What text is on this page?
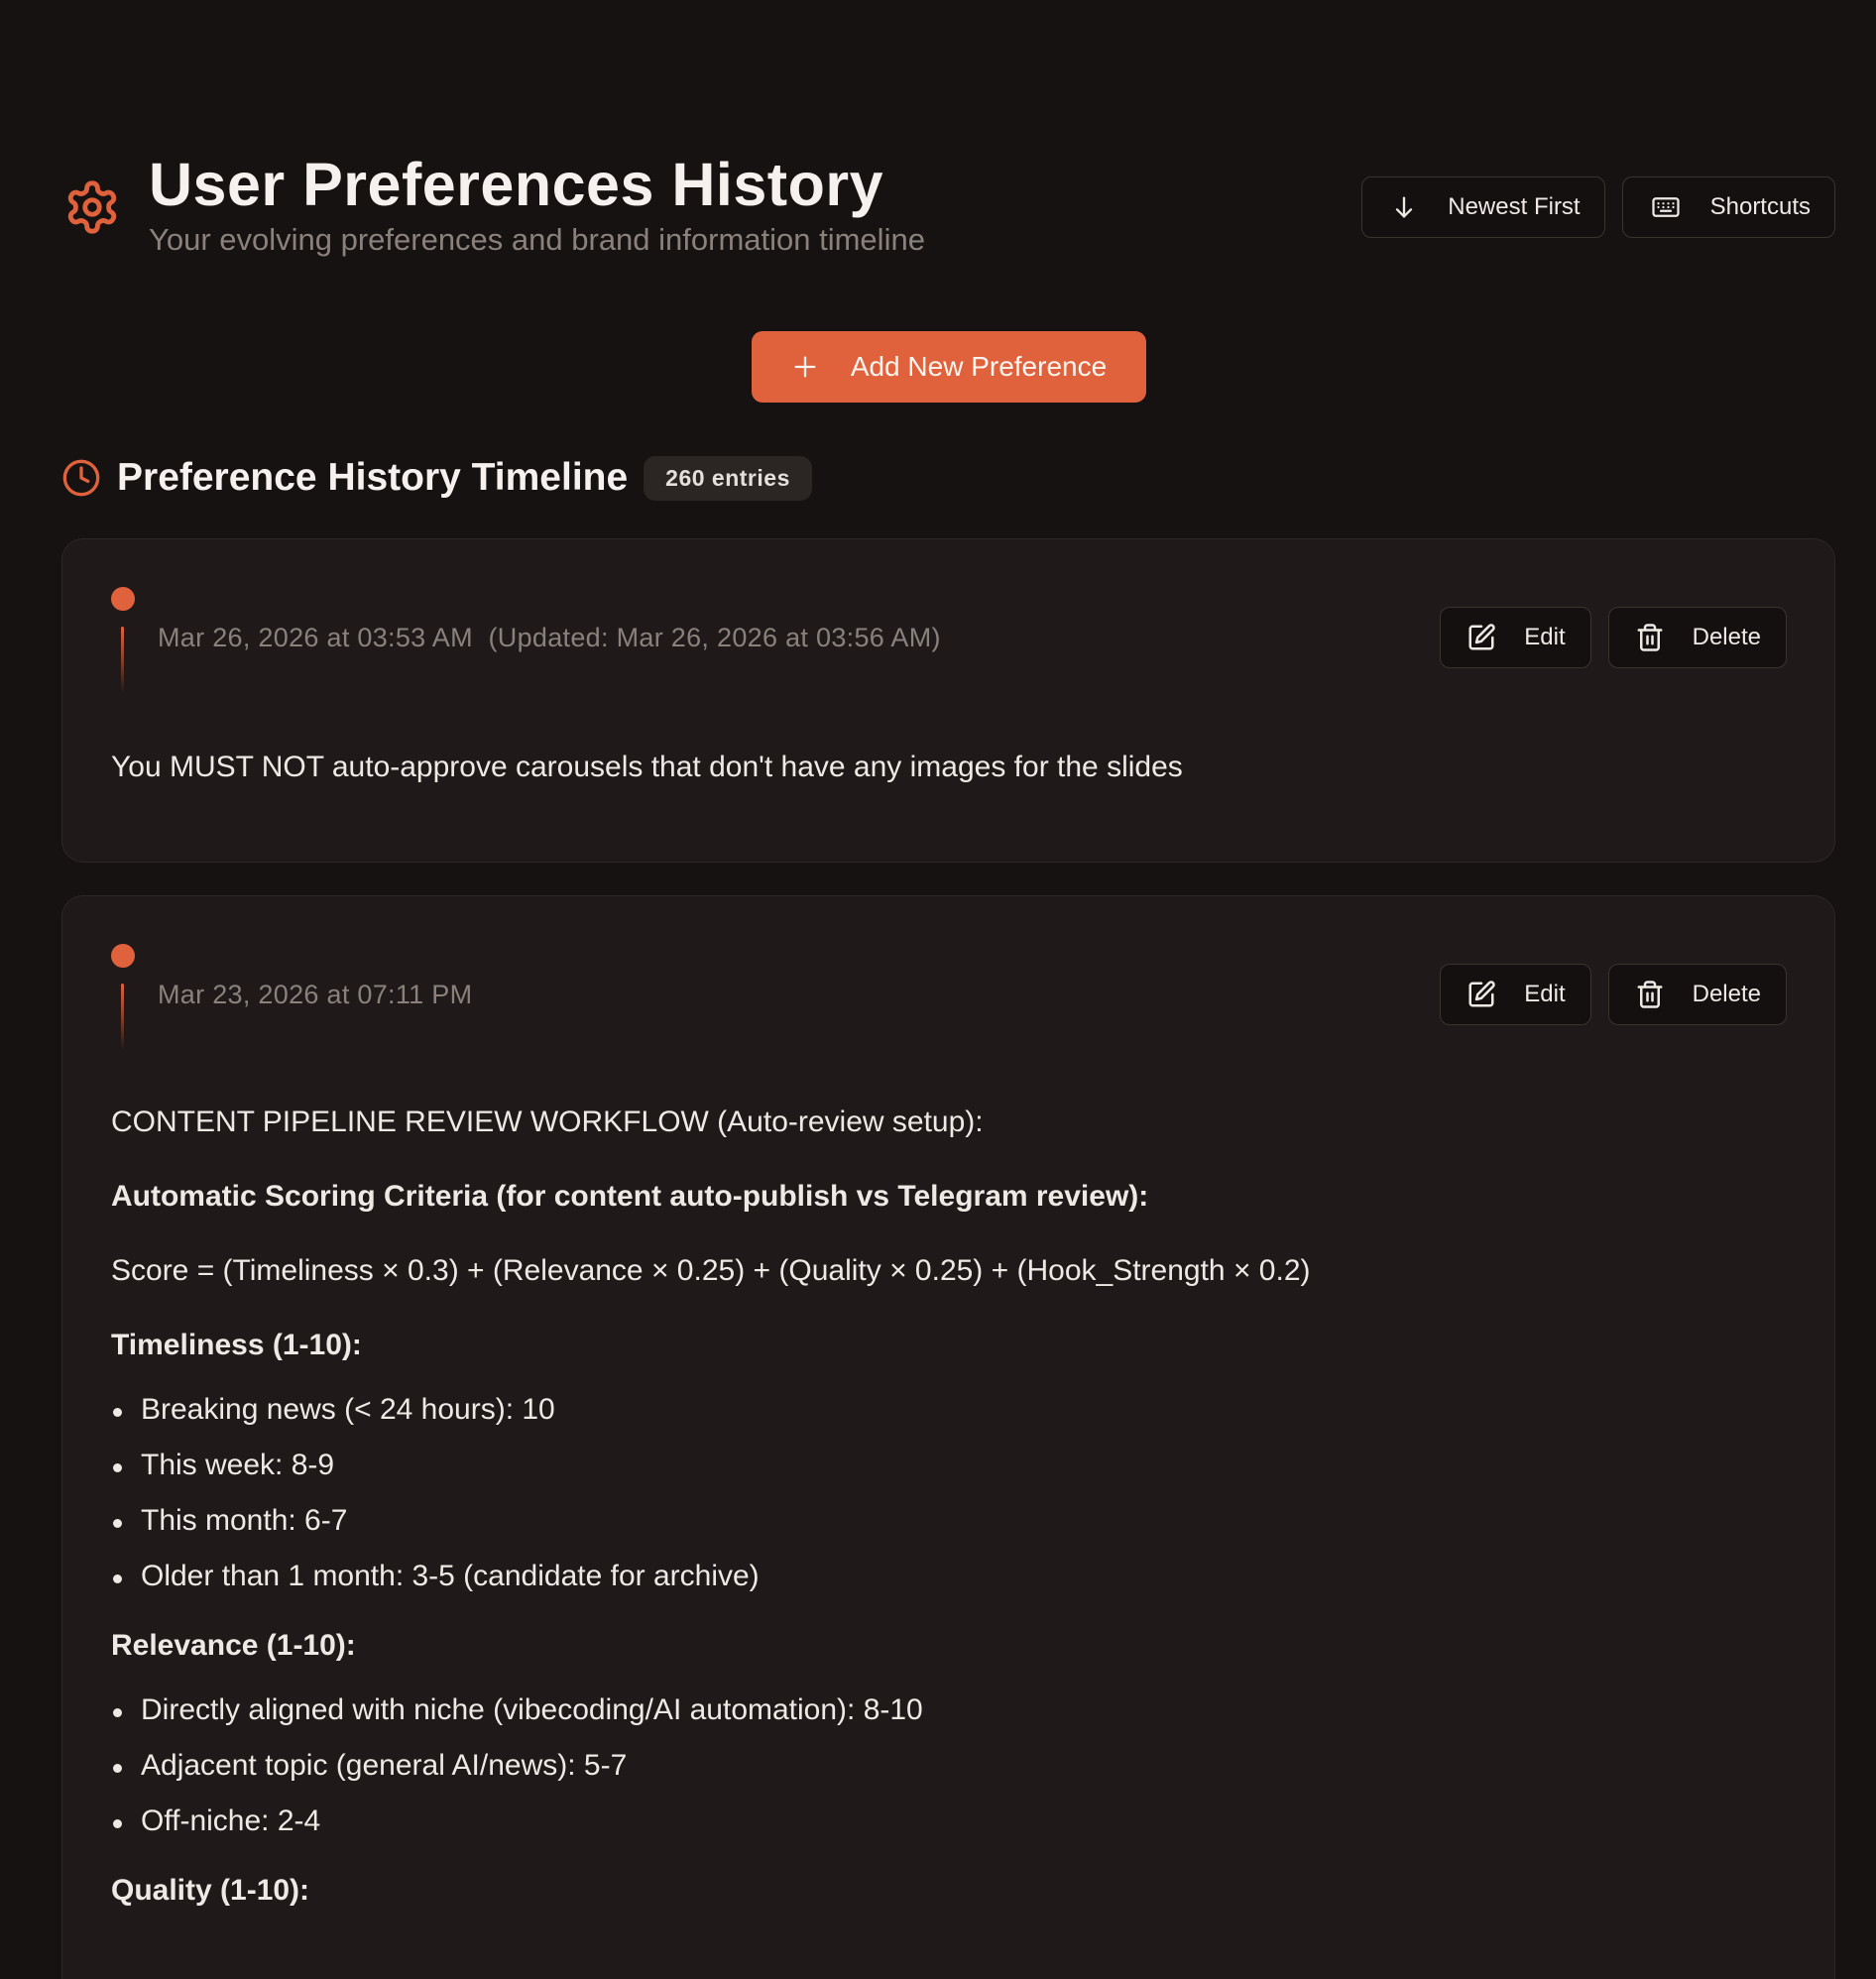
User Preferences History
Your evolving preferences and brand information timeline
Newest First	Shortcuts
Add New Preference
Preference History Timeline	260 entries
Mar 26, 2026 at 03:53 AM (Updated: Mar 26, 2026 at 03:56 AM)	Edit	Delete
You MUST NOT auto-approve carousels that don't have any images for the slides
Mar 23, 2026 at 07:11 PM	Edit	Delete

CONTENT PIPELINE REVIEW WORKFLOW (Auto-review setup):

Automatic Scoring Criteria (for content auto-publish vs Telegram review):

Score = (Timeliness × 0.3) + (Relevance × 0.25) + (Quality × 0.25) + (Hook_Strength × 0.2)

Timeliness (1-10):

Breaking news (< 24 hours): 10
This week: 8-9
This month: 6-7
Older than 1 month: 3-5 (candidate for archive)

Relevance (1-10):

Directly aligned with niche (vibecoding/AI automation): 8-10
Adjacent topic (general AI/news): 5-7
Off-niche: 2-4

Quality (1-10):
